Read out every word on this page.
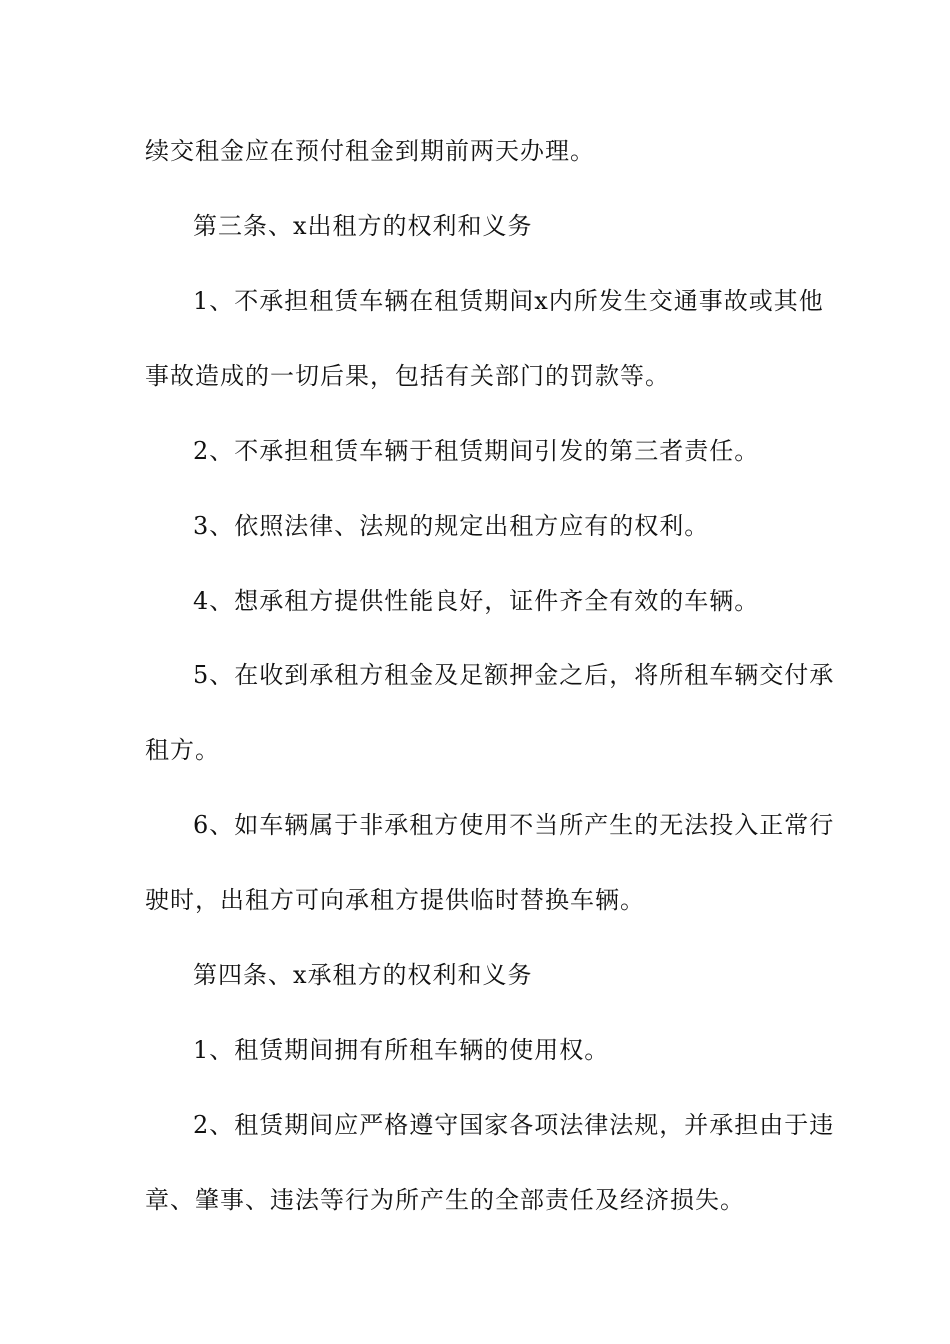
续交租金应在预付租金到期前两天办理。
第三条、x出租方的权利和义务
1、不承担租赁车辆在租赁期间x内所发生交通事故或其他
事故造成的一切后果，包括有关部门的罚款等。
2、不承担租赁车辆于租赁期间引发的第三者责任。
3、依照法律、法规的规定出租方应有的权利。
4、想承租方提供性能良好，证件齐全有效的车辆。
5、在收到承租方租金及足额押金之后，将所租车辆交付承
租方。
6、如车辆属于非承租方使用不当所产生的无法投入正常行
驶时，出租方可向承租方提供临时替换车辆。
第四条、x承租方的权利和义务
1、租赁期间拥有所租车辆的使用权。
2、租赁期间应严格遵守国家各项法律法规，并承担由于违
章、肇事、违法等行为所产生的全部责任及经济损失。
